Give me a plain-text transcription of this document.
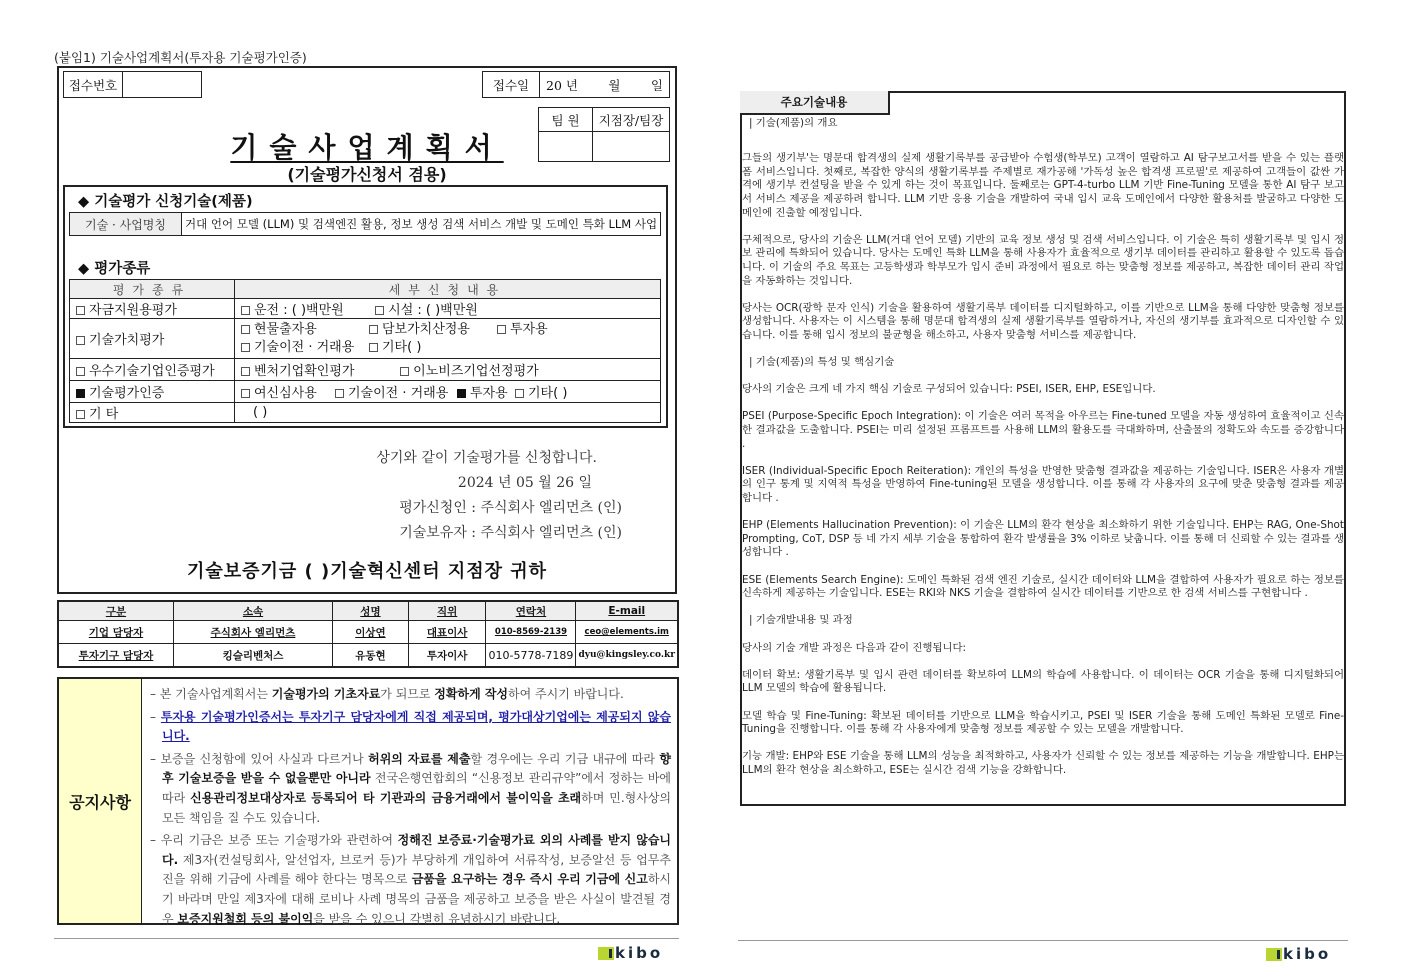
(붙임1) 기술사업계획서(투자용 기술평가인증)
접수번호	접수일	20 년 월 일
팀 원	지점장/팀장
기술사업계획서
(기술평가신청서 겸용)
◆ 기술평가 신청기술(제품)
기술 · 사업명칭	거대 언어 모델 (LLM) 및 검색엔진 활용, 정보 생성 검색 서비스 개발 및 도메인 특화 LLM 사업
◆ 평가종류
평가종류	세부신청내용
자금지원용평가	운전 : ( )백만원 시설 : ( )백만원
기술가치평가	현물출자용 담보가치산정용 투자용
기술이전 · 거래용 기타( )
우수기술기업인증평가	벤처기업확인평가 이노비즈기업선정평가
기술평가인증	여신심사용 기술이전 · 거래용 투자용 기타( )
기 타	( )
상기와 같이 기술평가를 신청합니다.
2024 년 05 월 26 일
평가신청인 : 주식회사 엘리먼츠 (인)
기술보유자 : 주식회사 엘리먼츠 (인)
기술보증기금 ( )기술혁신센터 지점장 귀하
구분	소속	성명	직위	연락처	E-mail
기업 담당자	주식회사 엘리먼츠	이상연	대표이사	010-8569-2139	ceo@elements.im
투자기구 담당자	킹슬리벤처스	유동현	투자이사	010-5778-7189	dyu@kingsley.co.kr
공지사항

– 본 기술사업계획서는 기술평가의 기초자료가 되므로 정확하게 작성하여 주시기 바랍니다.

– 투자용 기술평가인증서는 투자기구 담당자에게 직접 제공되며, 평가대상기업에는 제공되지 않습니다.

– 보증을 신청함에 있어 사실과 다르거나 허위의 자료를 제출할 경우에는 우리 기금 내규에 따라 향후 기술보증을 받을 수 없을뿐만 아니라 전국은행연합회의 “신용정보 관리규약”에서 정하는 바에 따라 신용관리정보대상자로 등록되어 타 기관과의 금융거래에서 불이익을 초래하며 민.형사상의 모든 책임을 질 수도 있습니다.

– 우리 기금은 보증 또는 기술평가와 관련하여 정해진 보증료·기술평가료 외의 사례를 받지 않습니다. 제3자(컨설팅회사, 알선업자, 브로커 등)가 부당하게 개입하여 서류작성, 보증알선 등 업무추진을 위해 기금에 사례를 해야 한다는 명목으로 금품을 요구하는 경우 즉시 우리 기금에 신고하시기 바라며 만일 제3자에 대해 로비나 사례 명목의 금품을 제공하고 보증을 받은 사실이 발견될 경우 보증지원철회 등의 불이익을 받을 수 있으니 각별히 유념하시기 바랍니다.

kibo
주요기술내용

| 기술(제품)의 개요

그들의 생기부'는 명문대 합격생의 실제 생활기록부를 공급받아 수험생(학부모) 고객이 열람하고 AI 탐구보고서를 받을 수 있는 플랫폼 서비스입니다. 첫째로, 복잡한 양식의 생활기록부를 주제별로 재가공해 '가독성 높은 합격생 프로필'로 제공하여 고객들이 값싼 가격에 생기부 컨설팅을 받을 수 있게 하는 것이 목표입니다. 둘째로는 GPT-4-turbo LLM 기반 Fine-Tuning 모델을 통한 AI 탐구 보고서 서비스 제공을 제공하려 합니다. LLM 기반 응용 기술을 개발하여 국내 입시 교육 도메인에서 다양한 활용처를 발굴하고 다양한 도메인에 진출할 예정입니다.

구체적으로, 당사의 기술은 LLM(거대 언어 모델) 기반의 교육 정보 생성 및 검색 서비스입니다. 이 기술은 특히 생활기록부 및 입시 정보 관리에 특화되어 있습니다. 당사는 도메인 특화 LLM을 통해 사용자가 효율적으로 생기부 데이터를 관리하고 활용할 수 있도록 돕습니다. 이 기술의 주요 목표는 고등학생과 학부모가 입시 준비 과정에서 필요로 하는 맞춤형 정보를 제공하고, 복잡한 데이터 관리 작업을 자동화하는 것입니다.

당사는 OCR(광학 문자 인식) 기술을 활용하여 생활기록부 데이터를 디지털화하고, 이를 기반으로 LLM을 통해 다양한 맞춤형 정보를 생성합니다. 사용자는 이 시스템을 통해 명문대 합격생의 실제 생활기록부를 열람하거나, 자신의 생기부를 효과적으로 디자인할 수 있습니다. 이를 통해 입시 정보의 불균형을 해소하고, 사용자 맞춤형 서비스를 제공합니다.

| 기술(제품)의 특성 및 핵심기술

당사의 기술은 크게 네 가지 핵심 기술로 구성되어 있습니다: PSEI, ISER, EHP, ESE입니다.

PSEI (Purpose-Specific Epoch Integration): 이 기술은 여러 목적을 아우르는 Fine-tuned 모델을 자동 생성하여 효율적이고 신속한 결과값을 도출합니다. PSEI는 미리 설정된 프롬프트를 사용해 LLM의 활용도를 극대화하며, 산출물의 정확도와 속도를 증강합니다 .

ISER (Individual-Specific Epoch Reiteration): 개인의 특성을 반영한 맞춤형 결과값을 제공하는 기술입니다. ISER은 사용자 개별의 인구 통계 및 지역적 특성을 반영하여 Fine-tuning된 모델을 생성합니다. 이를 통해 각 사용자의 요구에 맞춘 맞춤형 결과를 제공합니다 .

EHP (Elements Hallucination Prevention): 이 기술은 LLM의 환각 현상을 최소화하기 위한 기술입니다. EHP는 RAG, One-Shot Prompting, CoT, DSP 등 네 가지 세부 기술을 통합하여 환각 발생률을 3% 이하로 낮춥니다. 이를 통해 더 신뢰할 수 있는 결과를 생성합니다 .

ESE (Elements Search Engine): 도메인 특화된 검색 엔진 기술로, 실시간 데이터와 LLM을 결합하여 사용자가 필요로 하는 정보를 신속하게 제공하는 기술입니다. ESE는 RKI와 NKS 기술을 결합하여 실시간 데이터를 기반으로 한 검색 서비스를 구현합니다 .

| 기술개발내용 및 과정

당사의 기술 개발 과정은 다음과 같이 진행됩니다:

데이터 확보: 생활기록부 및 입시 관련 데이터를 확보하여 LLM의 학습에 사용합니다. 이 데이터는 OCR 기술을 통해 디지털화되어 LLM 모델의 학습에 활용됩니다.

모델 학습 및 Fine-Tuning: 확보된 데이터를 기반으로 LLM을 학습시키고, PSEI 및 ISER 기술을 통해 도메인 특화된 모델로 Fine-Tuning을 진행합니다. 이를 통해 각 사용자에게 맞춤형 정보를 제공할 수 있는 모델을 개발합니다.

기능 개발: EHP와 ESE 기술을 통해 LLM의 성능을 최적화하고, 사용자가 신뢰할 수 있는 정보를 제공하는 기능을 개발합니다. EHP는 LLM의 환각 현상을 최소화하고, ESE는 실시간 검색 기능을 강화합니다.

kibo
